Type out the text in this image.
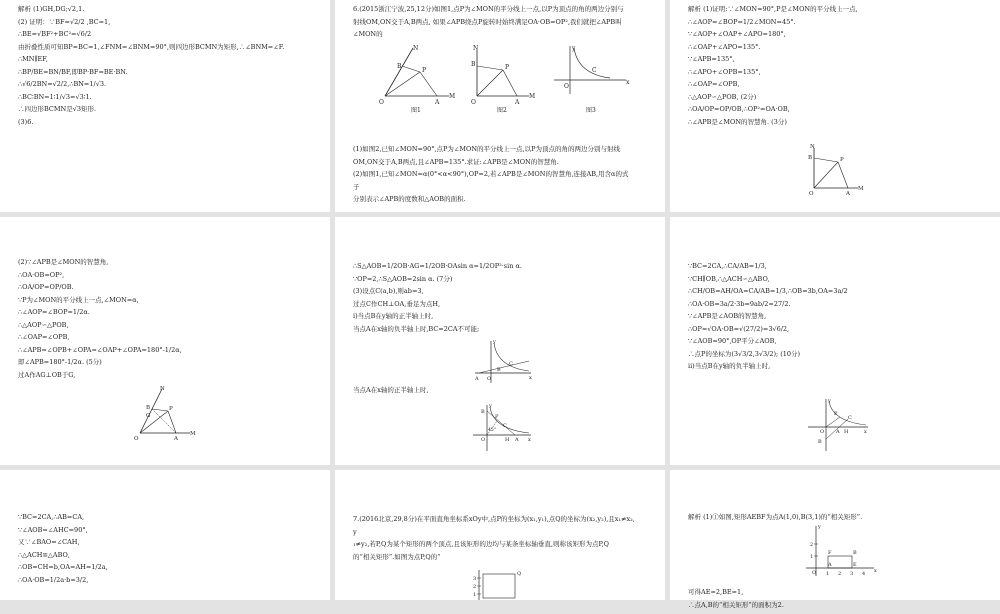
解析 (1)GH,DG;√2,1.
(2) 证明：∵BF=√2/2 ,BC=1,
∴BE=√BF²+BC²=√6/2
由折叠性质可知BP=BC=1,∠FNM=∠BNM=90°,则四边形BCMN为矩形,∴∠BNM=∠F.
∴MN∥EF,
∴BP/BE=BN/BF,即BP·BF=BE·BN.
∴√6/2BN=√2/2,∴BN=1/√3.
∴BC∶BN=1∶1/√3=√3∶1.
∴四边形BCMN是√3矩形.
(3)6.
6.(2015浙江宁波,25,12分)如图1,点P为∠MON的平分线上一点,以P为顶点的角的两边分别与
射线OM,ON交于A,B两点, 如果∠APB绕点P旋转时始终满足OA·OB=OP²,我们就把∠APB叫
∠MON的
O	A
M
N
B
P
图1
O	A
M
N
B	P
图2
O
x
y
C
图3
(1)如图2,已知∠MON=90°,点P为∠MON的平分线上一点,以P为顶点的角的两边分别与射线
OM,ON交于A,B两点,且∠APB=135°.求证:∠APB是∠MON的智慧角.
(2)如图1,已知∠MON=α(0°<α<90°),OP=2,若∠APB是∠MON的智慧角,连接AB,用含α的式
子
分别表示∠APB的度数和△AOB的面积.
解析 (1)证明:∵∠MON=90°,P是∠MON的平分线上一点,
∴∠AOP=∠BOP=1/2∠MON=45°.
∵∠AOP+∠OAP+∠APO=180°,
∴∠OAP+∠APO=135°.
∵∠APB=135°,
∴∠APO+∠OPB=135°,
∴∠OAP=∠OPB,
∴△AOP∽△POB, (2分)
∴OA/OP=OP/OB,∴OP²=OA·OB,
∴∠APB是∠MON的智慧角. (3分)
O	A
M
N
B	P
(2)∵∠APB是∠MON的智慧角,
∴OA·OB=OP²,
∴OA/OP=OP/OB.
∵P为∠MON的平分线上一点,∠MON=α,
∴∠AOP=∠BOP=1/2α.
∴△AOP∽△POB,
∴∠OAP=∠OPB,
∴∠APB=∠OPB+∠OPA=∠OAP+∠OPA=180°-1/2α,
即∠APB=180°-1/2α. (5分)
过A作AG⊥OB于G,
O	A
M
N
B
G
P
∴S△AOB=1/2OB·AG=1/2OB·OAsin α=1/2OP²·sin α.
∵OP=2,∴S△AOB=2sin α. (7分)
(3)设点C(a,b),则ab=3,
过点C作CH⊥OA,垂足为点H,
i)当点B在y轴的正半轴上时,
当点A在x轴的负半轴上时,BC=2CA不可能;
A O	x
y
C
B
当点A在x轴的正半轴上时,
O	A x
y
P
C
H
45°
B
∵BC=2CA,∴CA/AB=1/3,
∵CH∥OB,∴△ACH∽△ABO,
∴CH/OB=AH/OA=CA/AB=1/3,∴OB=3b,OA=3a/2
∴OA·OB=3a/2·3b=9ab/2=27/2.
∵∠APB是∠AOB的智慧角,
∴OP=√OA·OB=√(27/2)=3√6/2,
∵∠AOB=90°,OP平分∠AOB,
∴点P的坐标为(3√3/2,3√3/2); (10分)
ii)当点B在y轴的负半轴上时,
O A H	x
y
C
P
B
∵BC=2CA,∴AB=CA,
∵∠AOB=∠AHC=90°,
又∵∠BAO=∠CAH,
∴△ACH≌△ABO,
∴OB=CH=b,OA=AH=1/2a,
∴OA·OB=1/2a·b=3/2,
7.(2016北京,29,8分)在平面直角坐标系xOy中,点P的坐标为(x₁,y₁),点Q的坐标为(x₂,y₂),且x₁≠x₂,
y
₁≠y₂,若P,Q为某个矩形的两个顶点,且该矩形的边均与某条坐标轴垂直,则称该矩形为点P,Q
的“相关矩形”.如图为点P,Q的“
3
2
1
Q
解析 (1)①如图,矩形AEBF为点A(1,0),B(3,1)的“相关矩形”.
可得AE=2,BE=1,
∴点A,B的“相关矩形”的面积为2.
2
1
O 1 2 3 4 x
y
F	B
A	E
